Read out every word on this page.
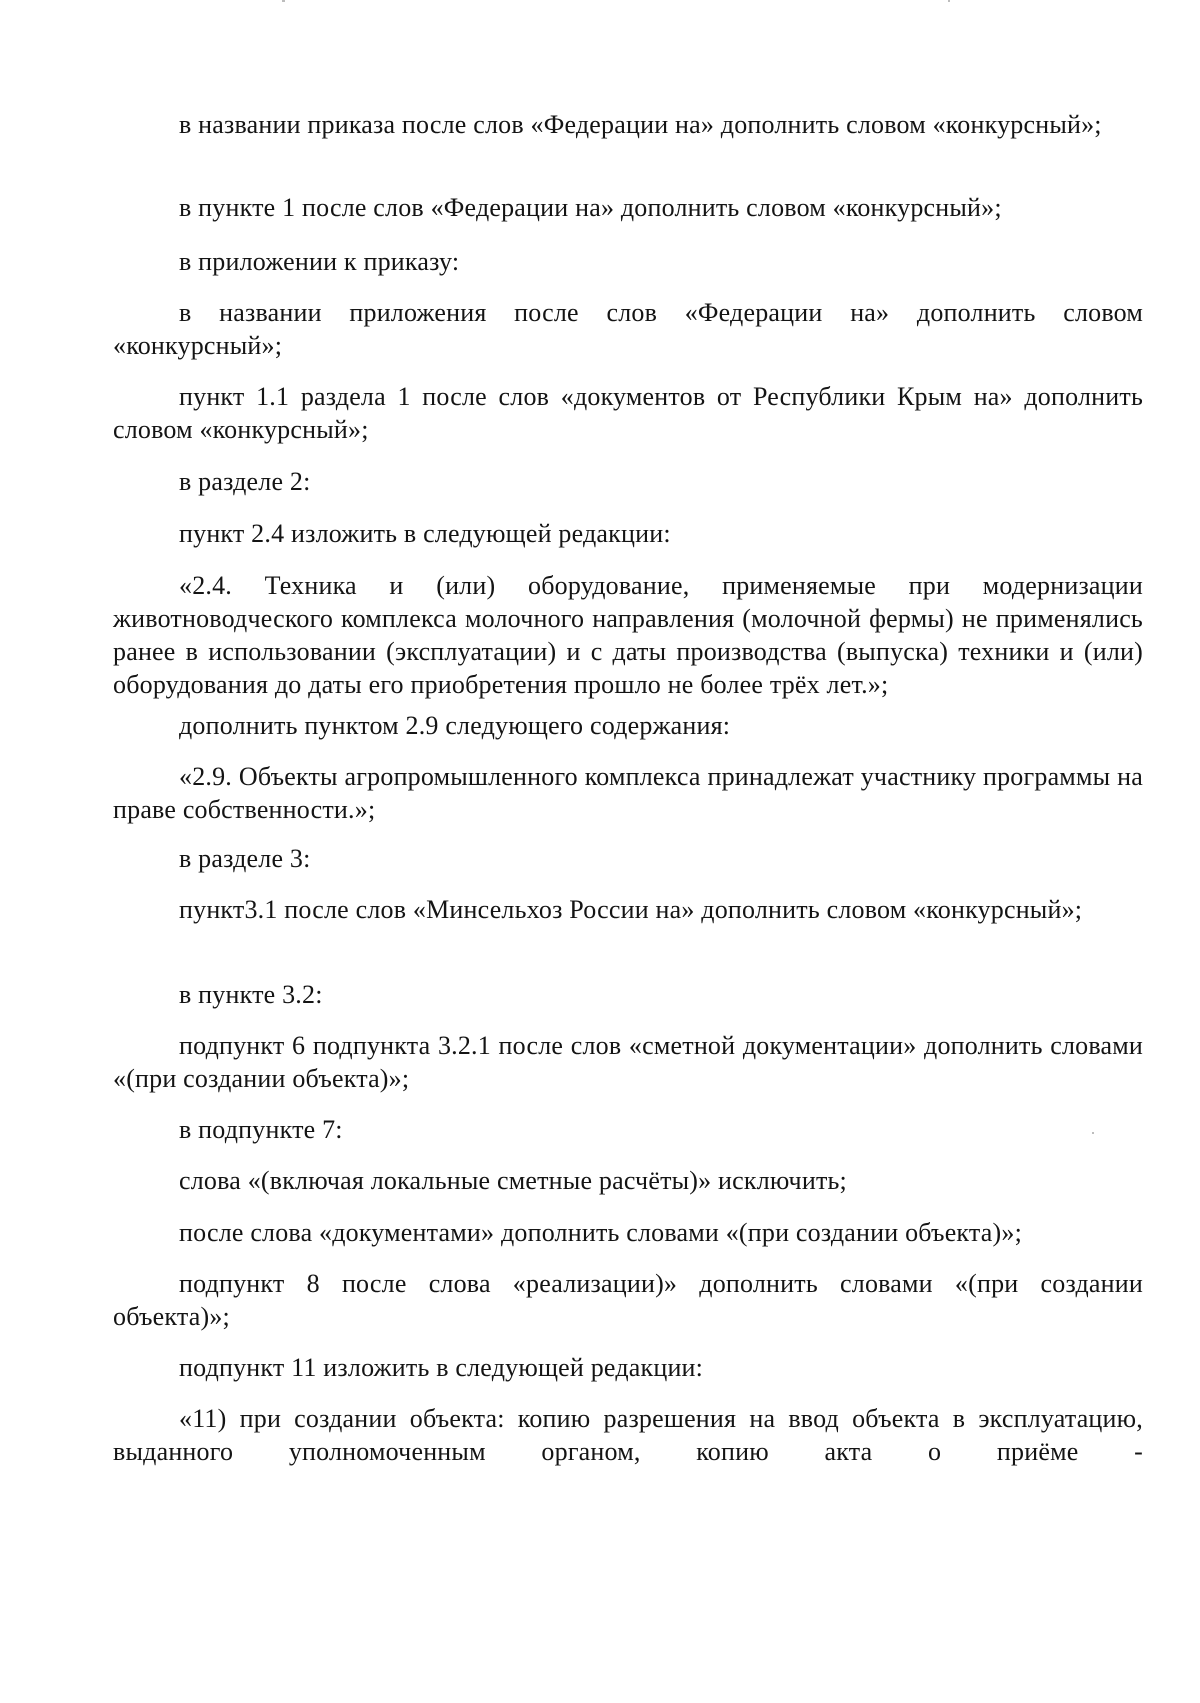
в названии приказа после слов «Федерации на» дополнить словом «конкурсный»;

в пункте 1 после слов «Федерации на» дополнить словом «конкурсный»;

в приложении к приказу:

в названии приложения после слов «Федерации на» дополнить словом «конкурсный»;

пункт 1.1 раздела 1 после слов «документов от Республики Крым на» дополнить словом «конкурсный»;

в разделе 2:

пункт 2.4 изложить в следующей редакции:

«2.4. Техника и (или) оборудование, применяемые при модернизации животноводческого комплекса молочного направления (молочной фермы) не применялись ранее в использовании (эксплуатации) и с даты производства (выпуска) техники и (или) оборудования до даты его приобретения прошло не более трёх лет.»;

дополнить пунктом 2.9 следующего содержания:

«2.9. Объекты агропромышленного комплекса принадлежат участнику программы на праве собственности.»;

в разделе 3:

пункт3.1 после слов «Минсельхоз России на» дополнить словом «конкурсный»;

в пункте 3.2:

подпункт 6 подпункта 3.2.1 после слов «сметной документации» дополнить словами «(при создании объекта)»;

в подпункте 7:

слова «(включая локальные сметные расчёты)» исключить;

после слова «документами» дополнить словами «(при создании объекта)»;

подпункт 8 после слова «реализации)» дополнить словами «(при создании объекта)»;

подпункт 11 изложить в следующей редакции:

«11) при создании объекта: копию разрешения на ввод объекта в эксплуатацию, выданного уполномоченным органом, копию акта о приёме -
